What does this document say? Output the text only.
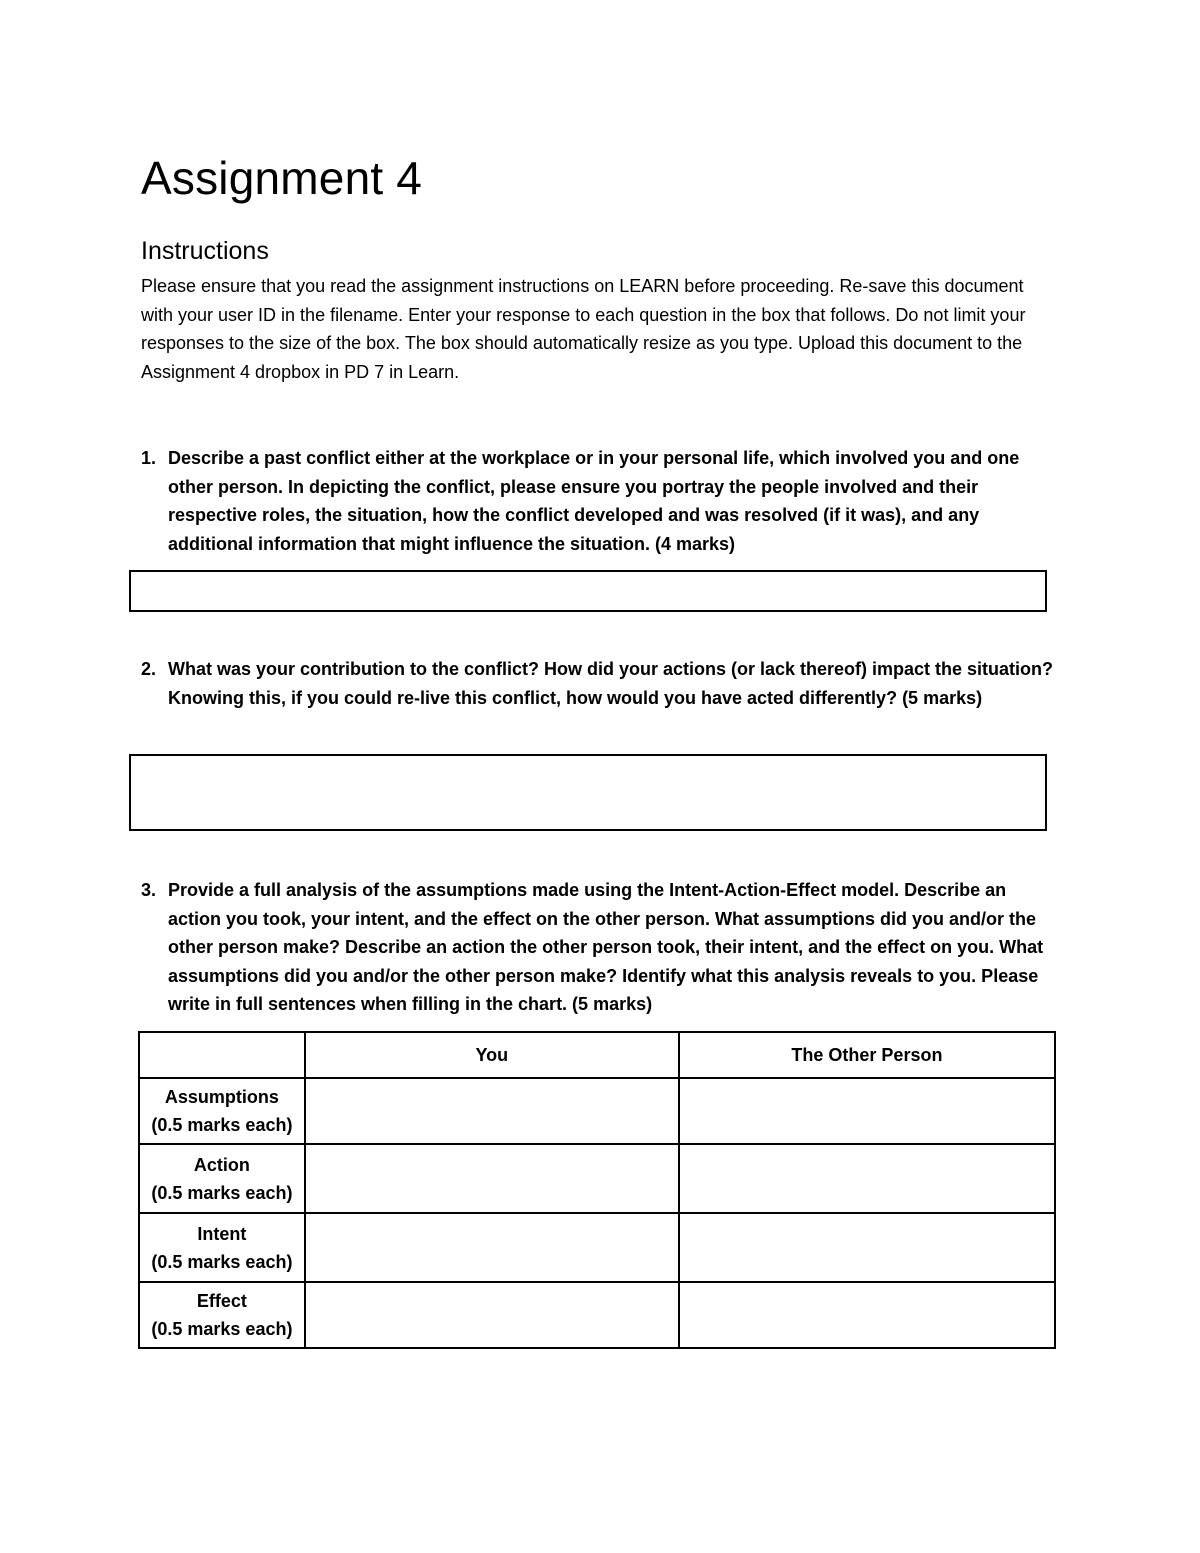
Assignment 4
Instructions

Please ensure that you read the assignment instructions on LEARN before proceeding. Re-save this document with your user ID in the filename. Enter your response to each question in the box that follows. Do not limit your responses to the size of the box. The box should automatically resize as you type. Upload this document to the Assignment 4 dropbox in PD 7 in Learn.

1. Describe a past conflict either at the workplace or in your personal life, which involved you and one other person. In depicting the conflict, please ensure you portray the people involved and their respective roles, the situation, how the conflict developed and was resolved (if it was), and any additional information that might influence the situation. (4 marks)
2. What was your contribution to the conflict? How did your actions (or lack thereof) impact the situation? Knowing this, if you could re-live this conflict, how would you have acted differently? (5 marks)
3. Provide a full analysis of the assumptions made using the Intent-Action-Effect model. Describe an action you took, your intent, and the effect on the other person. What assumptions did you and/or the other person make? Describe an action the other person took, their intent, and the effect on you. What assumptions did you and/or the other person make? Identify what this analysis reveals to you. Please write in full sentences when filling in the chart. (5 marks)
	You	The Other Person

Assumptions
(0.5 marks each)		

Action
(0.5 marks each)		

Intent
(0.5 marks each)		

Effect
(0.5 marks each)		
